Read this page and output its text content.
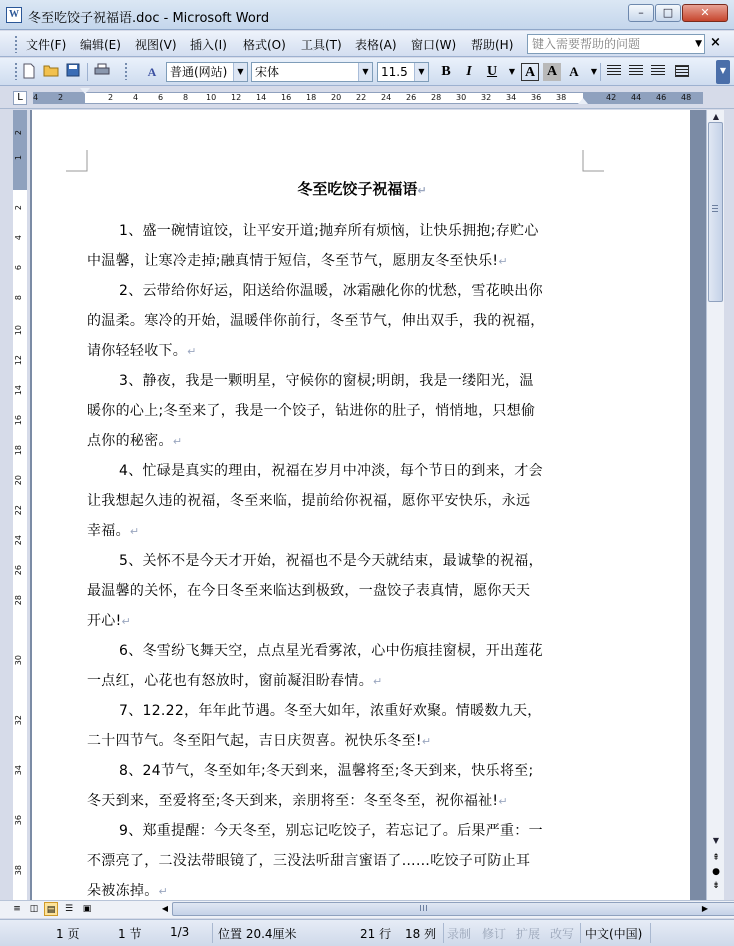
W 冬至吃饺子祝福语.doc - Microsoft Word	–	□	✕
文件(F) 编辑(E) 视图(V) 插入(I) 格式(O) 工具(T) 表格(A) 窗口(W) 帮助(H)	键入需要帮助的问题	▼ ×
A	普通(网站)	▼ 宋体	▼	11.5	▼	B	I	U	▼ A A A	▼	▼
L	4 2	2 4 6 8 10 12 14 16 18 20 22 24 26 28 30 32 34 36 38	42 44 46 48
2
1
2
4
6
8
10
12
14
16
18
20
22
24
26
28
30
32
34
36
38
冬至吃饺子祝福语↵
1、盛一碗情谊饺，让平安开道;抛弃所有烦恼，让快乐拥抱;存贮心
中温馨，让寒冷走掉;融真情于短信，冬至节气，愿朋友冬至快乐!↵
2、云带给你好运，阳送给你温暖，冰霜融化你的忧愁，雪花映出你
的温柔。寒冷的开始，温暖伴你前行，冬至节气，伸出双手，我的祝福，
请你轻轻收下。↵
3、静夜，我是一颗明星，守候你的窗棂;明朗，我是一缕阳光，温
暖你的心上;冬至来了，我是一个饺子，钻进你的肚子，悄悄地，只想偷
点你的秘密。↵
4、忙碌是真实的理由，祝福在岁月中冲淡，每个节日的到来，才会
让我想起久违的祝福，冬至来临，提前给你祝福，愿你平安快乐，永远
幸福。↵
5、关怀不是今天才开始，祝福也不是今天就结束，最诚挚的祝福，
最温馨的关怀，在今日冬至来临达到极致，一盘饺子表真情，愿你天天
开心!↵
6、冬雪纷飞舞天空，点点星光看雾浓，心中伤痕挂窗棂，开出莲花
一点红，心花也有怒放时，窗前凝泪盼春情。↵
7、12.22，年年此节遇。冬至大如年，浓重好欢聚。情暖数九天，
二十四节气。冬至阳气起，吉日庆贺喜。祝快乐冬至!↵
8、24节气，冬至如年;冬天到来，温馨将至;冬天到来，快乐将至;
冬天到来，至爱将至;冬天到来，亲朋将至：冬至冬至，祝你福祉!↵
9、郑重提醒：今天冬至，别忘记吃饺子，若忘记了。后果严重：一
不漂亮了，二没法带眼镜了，三没法听甜言蜜语了……吃饺子可防止耳
朵被冻掉。↵
▲
▼
⇞
●
⇟
≡ ◫ ▤	☰	▣	◀	▶
1 页	1 节 1/3 位置 20.4厘米	21 行 18 列 录制 修订 扩展 改写 中文(中国)
